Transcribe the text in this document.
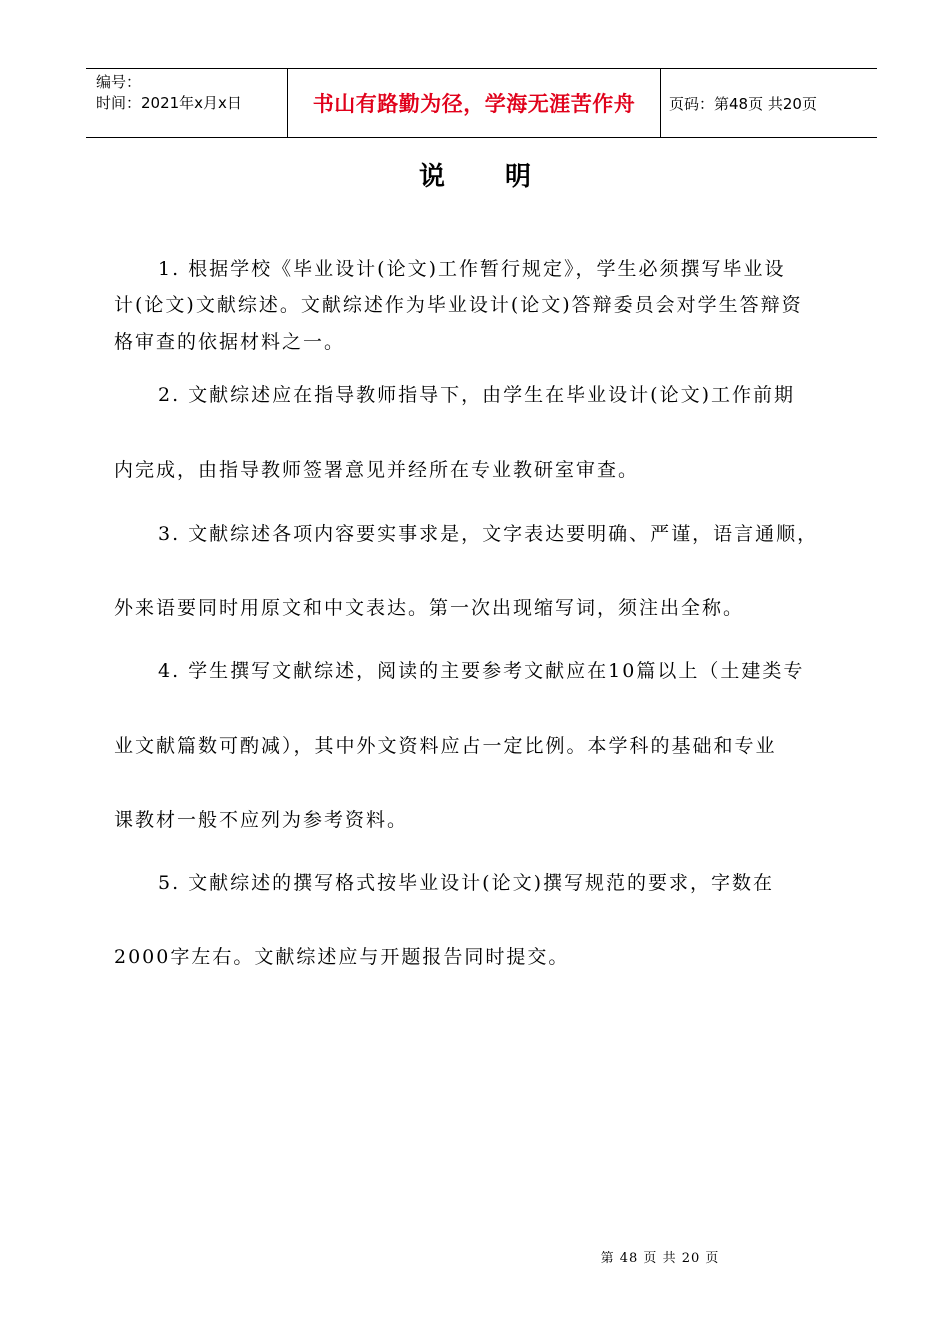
编号：
时间：2021年x月x日	书山有路勤为径，学海无涯苦作舟 页码：第48页 共20页
说明
1. 根据学校《毕业设计(论文)工作暂行规定》，学生必须撰写毕业设
计(论文)文献综述。文献综述作为毕业设计(论文)答辩委员会对学生答辩资
格审查的依据材料之一。
2. 文献综述应在指导教师指导下，由学生在毕业设计(论文)工作前期
内完成，由指导教师签署意见并经所在专业教研室审查。
3. 文献综述各项内容要实事求是，文字表达要明确、严谨，语言通顺，
外来语要同时用原文和中文表达。第一次出现缩写词，须注出全称。
4. 学生撰写文献综述，阅读的主要参考文献应在10篇以上（土建类专
业文献篇数可酌减），其中外文资料应占一定比例。本学科的基础和专业
课教材一般不应列为参考资料。
5. 文献综述的撰写格式按毕业设计(论文)撰写规范的要求，字数在
2000字左右。文献综述应与开题报告同时提交。
第 48 页 共 20 页
